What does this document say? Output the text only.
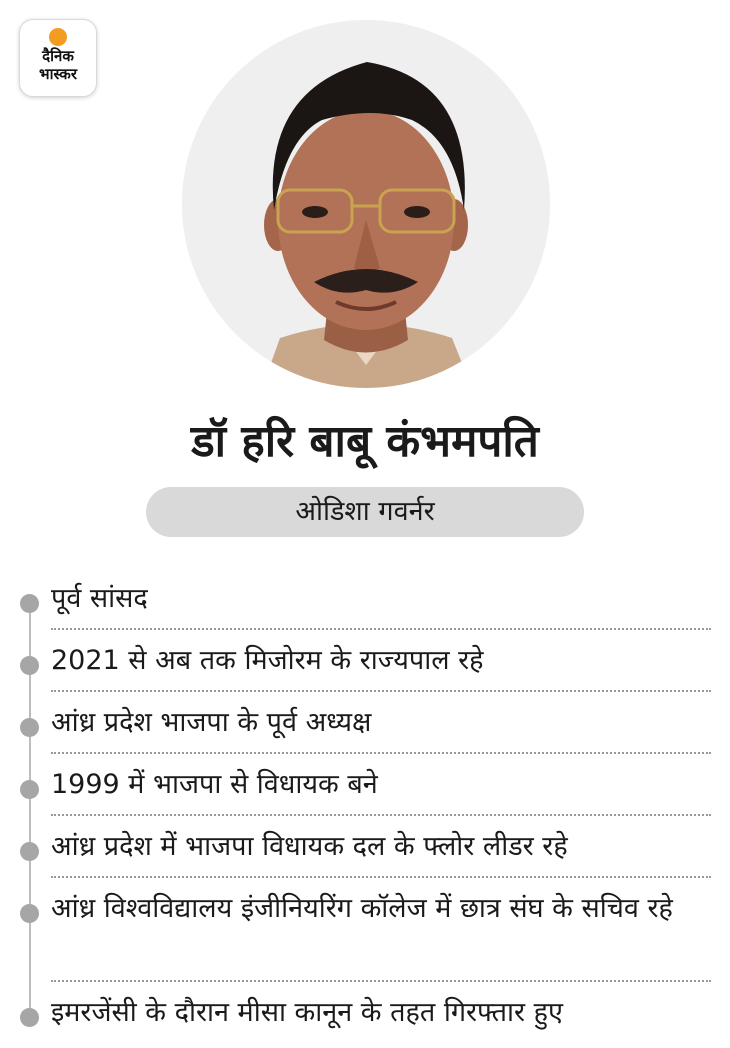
दैनिक
भास्कर
डॉ हरि बाबू कंभमपति
ओडिशा गवर्नर
पूर्व सांसद
2021 से अब तक मिजोरम के राज्यपाल रहे
आंध्र प्रदेश भाजपा के पूर्व अध्यक्ष
1999 में भाजपा से विधायक बने
आंध्र प्रदेश में भाजपा विधायक दल के फ्लोर लीडर रहे
आंध्र विश्वविद्यालय इंजीनियरिंग कॉलेज में छात्र संघ के सचिव रहे
इमरजेंसी के दौरान मीसा कानून के तहत गिरफ्तार हुए
